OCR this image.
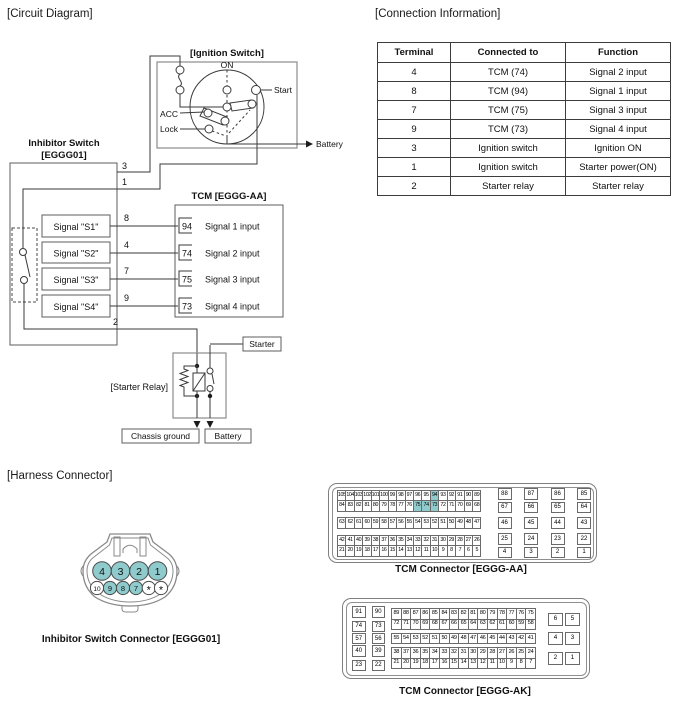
[Circuit Diagram]	[Connection Information]
[Harness Connector]
[Ignition Switch]
ON
Start
ACC
Lock
Battery
Inhibitor Switch
[EGGG01]
3
1
TCM [EGGG-AA]
Signal "S1"
8
94 Signal 1 input
Signal "S2"
4
74 Signal 2 input
Signal "S3"
7
75 Signal 3 input
Signal "S4"
9
73 Signal 4 input
2
[Starter Relay]
Starter
Chassis ground	Battery
Terminal	Connected to	Function
4	TCM (74)	Signal 2 input
8	TCM (94)	Signal 1 input
7	TCM (75)	Signal 3 input
9	TCM (73)	Signal 4 input
3	Ignition switch	Ignition ON
1	Ignition switch	Starter power(ON)
2	Starter relay	Starter relay
4 3 2 1
10 9 8 7 * *
Inhibitor Switch Connector [EGGG01]
105 104 103 102 101 100 99 98 97 96 95 94 93 92 91 90 89
84 83 82 81 80 79 78 77 76 75 74 73 72 71 70 69 68
88	87	86	85
67	66	65	64
63 62 61 60 59 58 57 56 55 54 53 52 51 50 49 48 47	46	45	44	43
42 41 40 39 38 37 36 35 34 33 32 31 30 29 28 27 26
21 20 19 18 17 16 15 14 13 12 11 10 9	8	7	6	5
25	24	23	22
4	3	2	1
TCM Connector [EGGG-AA]
91
74
90
73
89 88 87 86 85 84 83 82 81 80 79 78 77 76 75
72 71 70 69 68 67 66 65 64 63 62 61 60 59 58
6	5
57	56	55 54 53 52 51 50 49 48 47 46 45 44 43 42 41	4	3
40
23
39
22
38 37 36 35 34 33 32 31 30 29 28 27 26 25 24
21 20 19 18 17 16 15 14 13 12 11 10 9	8	7
2	1
TCM Connector [EGGG-AK]
